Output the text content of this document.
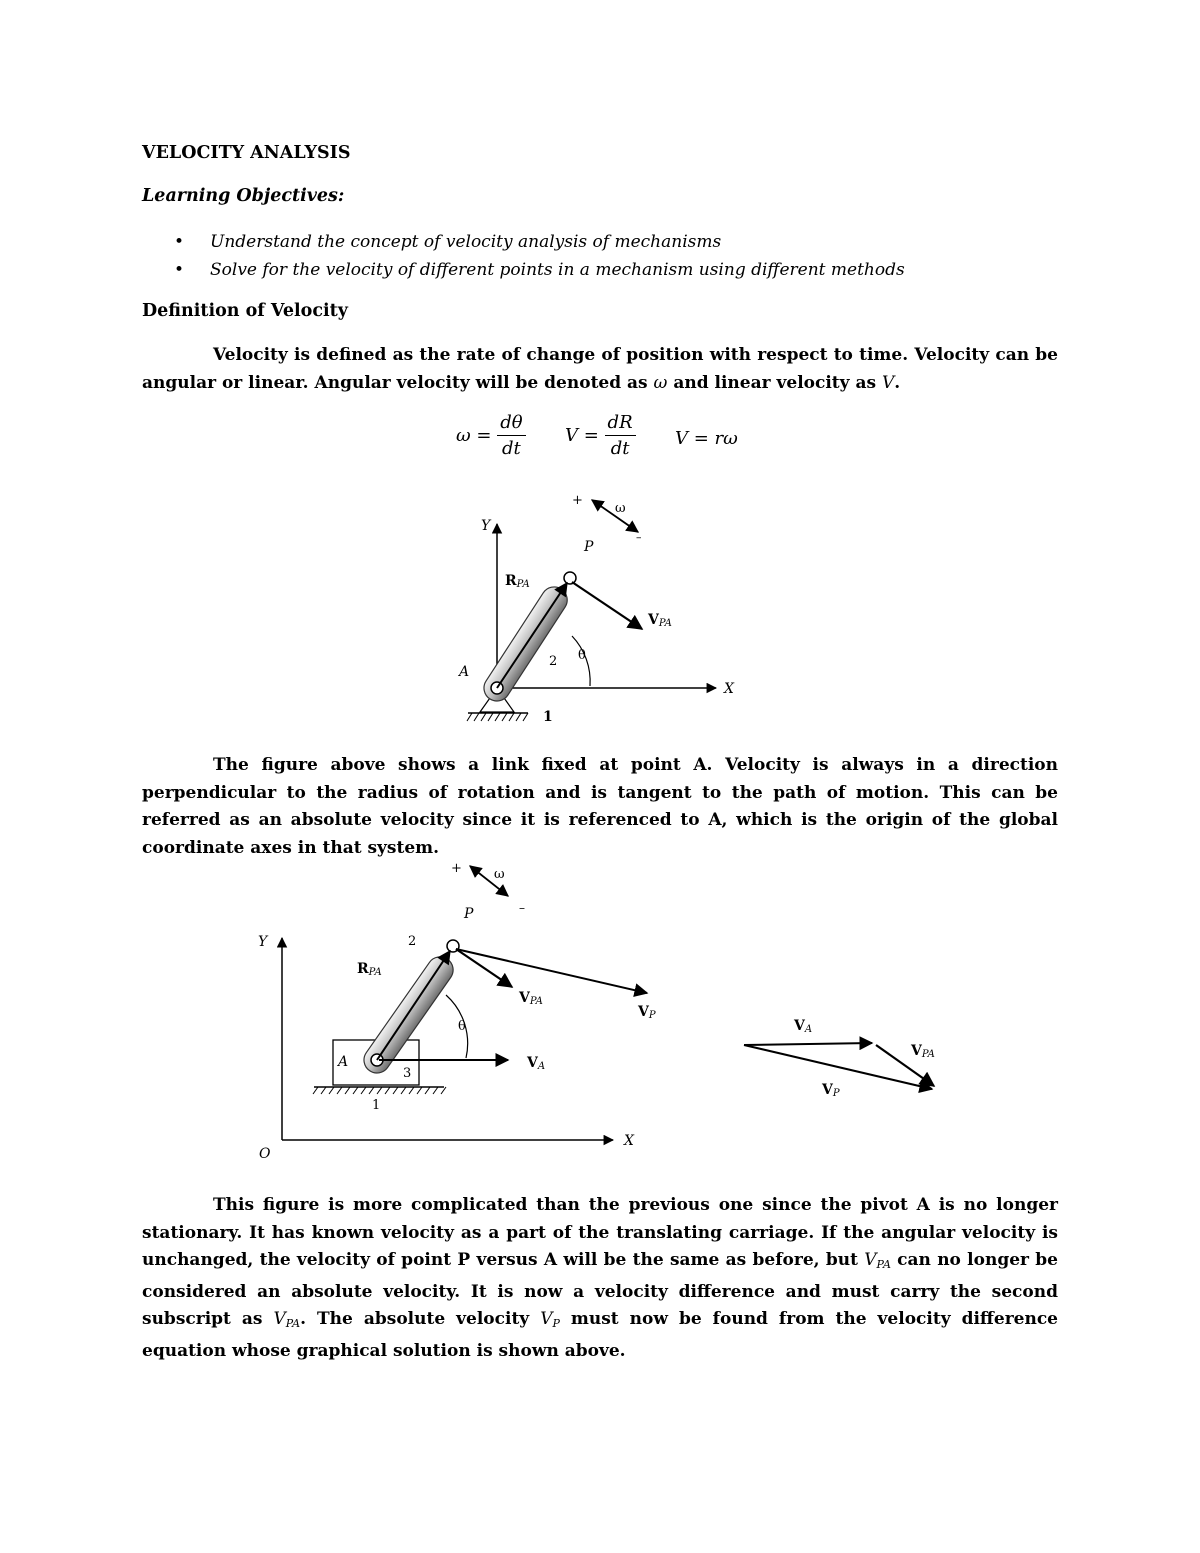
VELOCITY ANALYSIS
Learning Objectives:
• Understand the concept of velocity analysis of mechanisms
• Solve for the velocity of different points in a mechanism using different methods
Definition of Velocity

Velocity is defined as the rate of change of position with respect to time. Velocity can be angular or linear. Angular velocity will be denoted as ω and linear velocity as V.

$\omega = \frac{d\theta}{dt}$ $V = \frac{dR}{dt}$ V = rω
Y
X
1
θ
2
A
P
RPA
VPA
+
ω
–

The figure above shows a link fixed at point A. Velocity is always in a direction perpendicular to the radius of rotation and is tangent to the path of motion. This can be referred as an absolute velocity since it is referenced to A, which is the origin of the global coordinate axes in that system.

Y
X
O
1
A
3
θ
2
P
RPA
VPA
VP
VA
+ ω
–
VA
VPA
VP

This figure is more complicated than the previous one since the pivot A is no longer stationary. It has known velocity as a part of the translating carriage. If the angular velocity is unchanged, the velocity of point P versus A will be the same as before, but VPA can no longer be considered an absolute velocity. It is now a velocity difference and must carry the second subscript as VPA. The absolute velocity VP must now be found from the velocity difference equation whose graphical solution is shown above.
